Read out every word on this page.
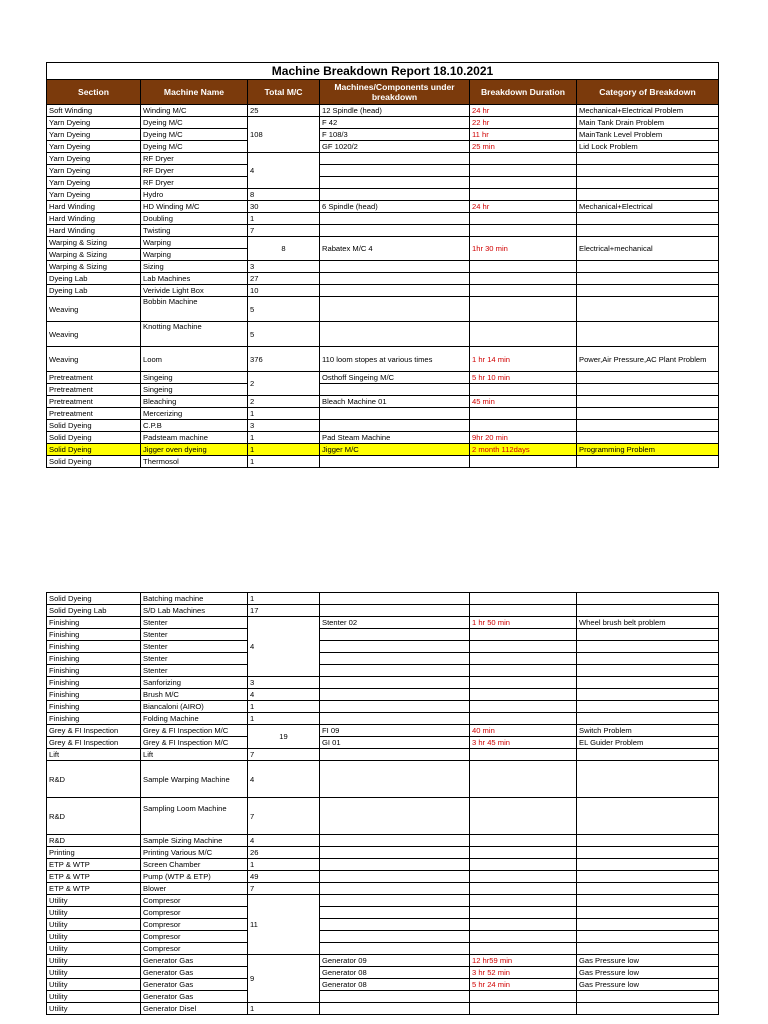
Machine Breakdown Report 18.10.2021					
Section	Machine Name	Total M/C	Machines/Components under breakdown	Breakdown Duration	Category of Breakdown
Soft Winding	Winding M/C	25	12 Spindle (head)	24 hr	Mechanical+Electrical Problem
Yarn Dyeing	Dyeing M/C	108	F 42	22 hr	Main Tank Drain Problem
Yarn Dyeing	Dyeing M/C		F 108/3	11 hr	MainTank Level Problem
Yarn Dyeing	Dyeing M/C		GF 1020/2	25 min	Lid Lock Problem
Yarn Dyeing	RF Dryer	4			
Yarn Dyeing	RF Dryer				
Yarn Dyeing	RF Dryer				
Yarn Dyeing	Hydro	8			
Hard Winding	HD Winding M/C	30	6 Spindle (head)	24 hr	Mechanical+Electrical
Hard Winding	Doubling	1			
Hard Winding	Twisting	7			
Warping & Sizing	Warping	8	Rabatex M/C 4	1hr 30 min	Electrical+mechanical
Warping & Sizing	Warping				
Warping & Sizing	Sizing	3			
Dyeing Lab	Lab Machines	27			
Dyeing Lab	Verivide Light Box	10			
Weaving	Bobbin Machine	5			
Weaving	Knotting Machine	5			
Weaving	Loom	376	110 loom stopes at various times	1 hr 14 min	Power,Air Pressure,AC Plant Problem
Pretreatment	Singeing	2	Osthoff Singeing M/C	5 hr 10 min	
Pretreatment	Singeing				
Pretreatment	Bleaching	2	Bleach Machine 01	45 min	
Pretreatment	Mercerizing	1			
Solid Dyeing	C.P.B	3			
Solid Dyeing	Padsteam machine	1	Pad Steam Machine	9hr 20 min	
Solid Dyeing	Jigger oven dyeing	1	Jigger M/C	2 month 112days	Programming Problem
Solid Dyeing	Thermosol	1			
Solid Dyeing	Batching machine	1			
Solid Dyeing Lab	S/D Lab Machines	17			
Finishing	Stenter	4	Stenter 02	1 hr 50 min	Wheel brush belt problem
Finishing	Stenter				
Finishing	Stenter				
Finishing	Stenter				
Finishing	Stenter				
Finishing	Sanforizing	3			
Finishing	Brush M/C	4			
Finishing	Biancaloni (AIRO)	1			
Finishing	Folding Machine	1			
Grey & FI Inspection	Grey & FI Inspection M/C	19	FI 09	40 min	Switch Problem
Grey & FI Inspection	Grey & FI Inspection M/C		GI 01	3 hr 45 min	EL Guider Problem
Lift	Lift	7			
R&D	Sample Warping Machine	4			
R&D	Sampling Loom Machine	7			
R&D	Sample Sizing Machine	4			
Printing	Printing Various M/C	26			
ETP & WTP	Screen Chamber	1			
ETP & WTP	Pump (WTP & ETP)	49			
ETP & WTP	Blower	7			
Utility	Compresor	11			
Utility	Compresor				
Utility	Compresor				
Utility	Compresor				
Utility	Compresor				
Utility	Generator Gas	9	Generator 09	12 hr59 min	Gas Pressure low
Utility	Generator Gas		Generator 08	3 hr 52 min	Gas Pressure low
Utility	Generator Gas		Generator 08	5 hr 24 min	Gas Pressure low
Utility	Generator Gas				
Utility	Generator Disel	1			
